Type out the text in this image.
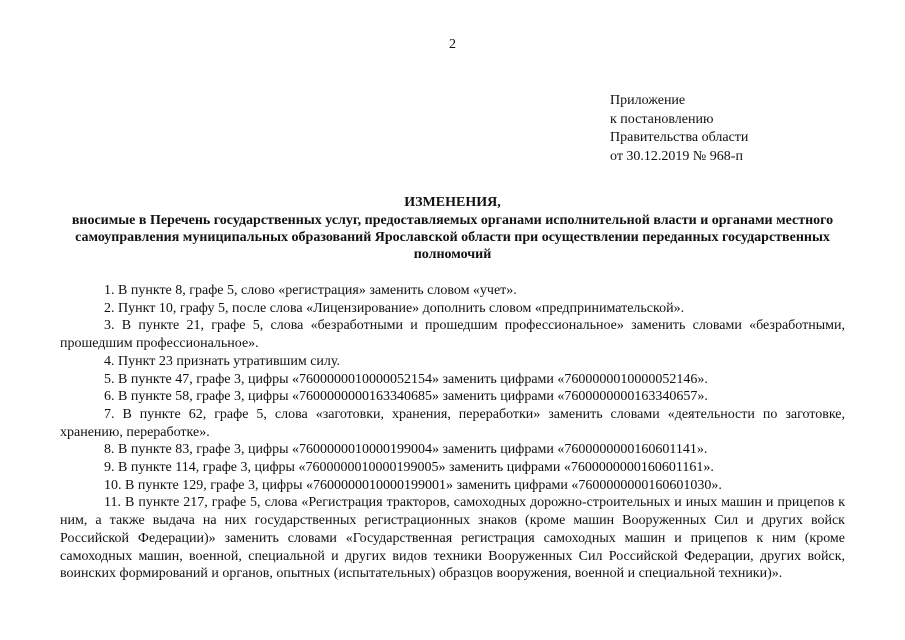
2
Приложение
к постановлению
Правительства области
от 30.12.2019 № 968-п
ИЗМЕНЕНИЯ,
вносимые в Перечень государственных услуг, предоставляемых органами исполнительной власти и органами местного самоуправления муниципальных образований Ярославской области при осуществлении переданных государственных полномочий

1. В пункте 8, графе 5, слово «регистрация» заменить словом «учет».

2. Пункт 10, графу 5, после слова «Лицензирование» дополнить словом «предпринимательской».

3. В пункте 21, графе 5, слова «безработными и прошедшим профессиональное» заменить словами «безработными, прошедшим профессиональное».

4. Пункт 23 признать утратившим силу.

5. В пункте 47, графе 3, цифры «7600000010000052154» заменить цифрами «7600000010000052146».

6. В пункте 58, графе 3, цифры «7600000000163340685» заменить цифрами «7600000000163340657».

7. В пункте 62, графе 5, слова «заготовки, хранения, переработки» заменить словами «деятельности по заготовке, хранению, переработке».

8. В пункте 83, графе 3, цифры «7600000010000199004» заменить цифрами «7600000000160601141».

9. В пункте 114, графе 3, цифры «7600000010000199005» заменить цифрами «7600000000160601161».

10. В пункте 129, графе 3, цифры «7600000010000199001» заменить цифрами «7600000000160601030».

11. В пункте 217, графе 5, слова «Регистрация тракторов, самоходных дорожно-строительных и иных машин и прицепов к ним, а также выдача на них государственных регистрационных знаков (кроме машин Вооруженных Сил и других войск Российской Федерации)» заменить словами «Государственная регистрация самоходных машин и прицепов к ним (кроме самоходных машин, военной, специальной и других видов техники Вооруженных Сил Российской Федерации, других войск, воинских формирований и органов, опытных (испытательных) образцов вооружения, военной и специальной техники)».
